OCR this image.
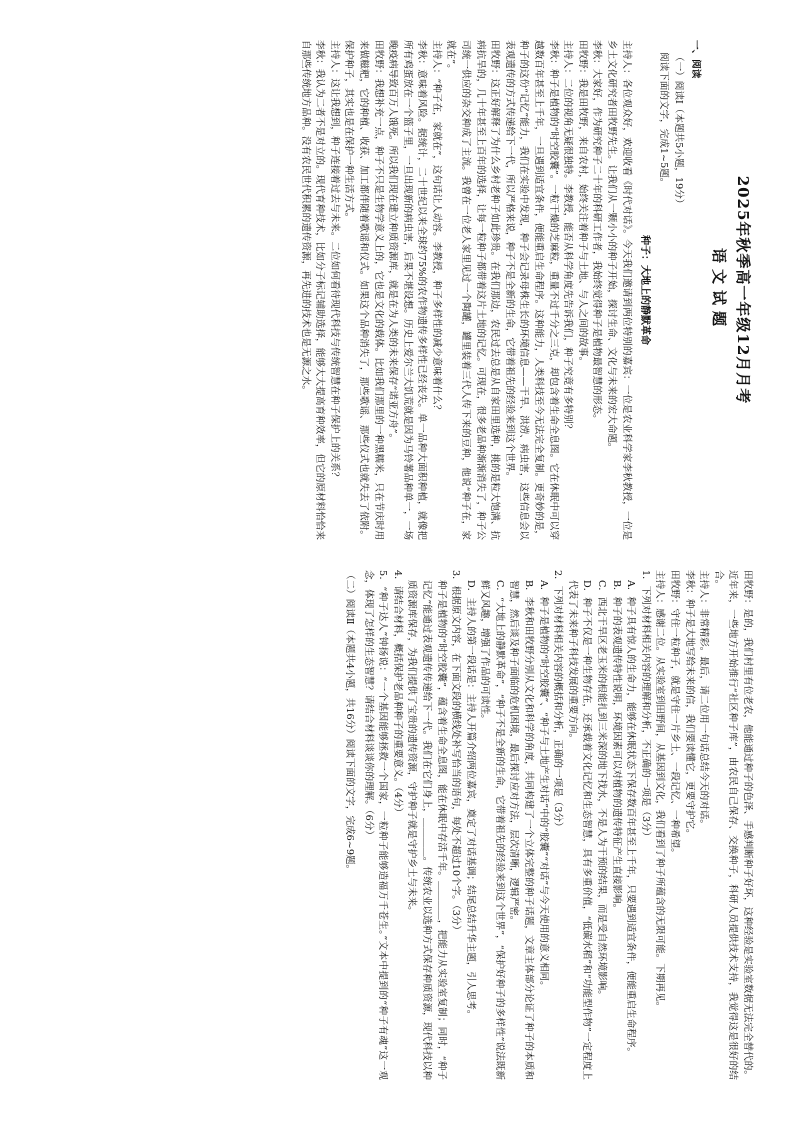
2025年秋季高一年级12月月考
语文试题
一、阅读
（一）阅读Ⅰ（本题共5小题，19分）
阅读下面的文字，完成1~5题。
种子：大地上的静默革命

主持人：各位观众好，欢迎收看《时代对话》。今天我们邀请到两位特别的嘉宾：一位是农业科学家李秋教授，一位是乡土文化研究者田牧野先生。让我们从一颗小小的种子开始，探讨生命、文化与未来的宏大命题。

李秋：大家好，作为研究种子二十年的科研工作者，我始终觉得种子是植物最智慧的形态。

田牧野：我是田牧野，来自农村，始终关注着种子与土地、与人之间的故事。

主持人：二位的视角无疑很独特。李教授，能否从科学角度先告诉我们，种子究竟有多特别？

李秋：种子是植物的“时空胶囊”。一粒干燥的芝麻粒，重量不过千分之三克，却包含着生命全息图。它在休眠中可以穿越数百年甚至上千年，一旦遇到适宜条件，便能重启生命程序。这种能力，人类科技至今无法完全复制。更奇妙的是，种子的这份“记忆”能力，我们在实验中发现，种子会记录母株生长的环境信息——干旱、洪涝、病虫害，这些信息会以表观遗传的方式传递给下一代，所以严格来说，种子不是全新的生命，它带着祖先的经验来到这个世界。

田牧野：这正好解释了为什么乡村老种子如此珍贵。在我们那边，农民过去总是从自家田里选种，挑的是粒大饱满、抗病抗旱的，几十年甚至上百年的选择，让每一粒种子都带着这片土地的记忆。可现在，很多老品种渐渐消失了，种子公司统一供应的杂交种成了主流。我曾在一位老人家里见过一个陶罐，罐里装着三代人传下来的豆种，他说“种子在，家就在”。

主持人：“种子在，家就在”，这句话让人动容。李教授，种子多样性的减少意味着什么？

李秋：意味着风险。据统计，二十世纪以来全球约75%的农作物遗传多样性已经丧失。单一品种大面积种植，就像把所有鸡蛋放在一个篮子里，一旦出现新的病虫害，后果不堪设想。历史上爱尔兰大饥荒就是因为马铃薯品种单一，一场晚疫病导致百万人饿死。所以我们现在建立种质资源库，就是在为人类的未来保存“诺亚方舟”。

田牧野：我想补充一点，种子不只是生物学意义上的，它也是文化的载体。比如我们那里的一种黑糯米，只在节庆时用来做糍粑，它的种植、收获、加工都伴随着歌谣和仪式。如果这个品种消失了，那些歌谣、那些仪式也就失去了依附。保护种子，其实也是在保护一种生活方式。

主持人：这让我想到，种子连接着过去与未来。二位如何看待现代科技与传统智慧在种子保护上的关系？

李秋：我认为二者不是对立的。现代育种技术，比如分子标记辅助选择，能够大大提高育种效率，但它的原材料恰恰来自那些传统地方品种。没有农民世代积累的遗传资源，再先进的技术也是无源之水。

田牧野：是的，我们村里有位老农，他能通过种子的色泽、手感判断种子好坏，这种经验是实验室数据无法完全替代的。近年来，一些地方开始推行“社区种子库”，由农民自己保存、交换种子，科研人员提供技术支持，我觉得这是很好的结合。

主持人：非常精彩。最后，请二位用一句话总结今天的对话。

李秋：种子是大地写给未来的信，我们要读懂它，更要守护它。

田牧野：守住一粒种子，就是守住一片乡土、一段记忆、一种希望。

主持人：感谢二位。从实验室到田野间，从基因到文化，我们看到了种子所蕴含的无限可能。下期再见。

1．下列对材料相关内容的理解和分析，不正确的一项是（3分）

A．种子具有惊人的生命力，能够在休眠状态下保存数百年甚至上千年，只要遇到适宜条件，便能重启生命程序。

B．种子的表观遗传特性说明，环境因素可以对植物的遗传特征产生直接影响。

C．西北干旱区老玉米的根能扎到三米深的地下找水，不是人为干预的结果，而是受自然环境影响。

D．种子不仅是一种生物存在，还承载着文化记忆和生态智慧，具有多重价值，“低碳水稻”和“功能型作物”一定程度上代表了未来种子科技发展的重要方向。

2．下列对材料相关内容的概括和分析，正确的一项是（3分）

A．种子是植物的“时空胶囊”、“种子与土地产生对话”中的“胶囊”“对话”与今天使用的意义相同。

B．李秋和田牧野分别从文化和科学的角度，共同构建了一个立体完整的种子话题，文章主体部分论证了种子的本质和智慧，然后谈及种子面临的危机困境，最后探讨应对方法，层次清晰，逻辑严密。

C．“大地上的静默革命”，“种子不是全新的生命，它带着祖先的经验来到这个世界”，“保护好种子的多样性”说法既新鲜又风趣，增强了作品的可读性。

D．主持人的第一段话是：主持人开篇介绍两位嘉宾，奠定了对话基调；结尾总结升华主题，引人思考。

3．根据原文内容，在下面文段的横线处补写恰当的语句，每处不超过10个字。（3分）

种子是植物的“时空胶囊”，蕴含着生命全息图，能在休眠中存活千年。＿＿＿＿，把能力从实验室复制；同时，“种子记忆”能通过表观遗传传递给下一代。我们在它们身上，＿＿＿＿。传统农业以选种方式保存种质资源，现代科技以种质资源库保存，为我们提供了宝贵的遗传资源，守护种子就是守护乡土与未来。

4．请结合材料，概括保护老品种种子的重要意义。（4分）

5．“种子达人”钟扬说：“一个基因能够拯救一个国家，一粒种子能够造福万千苍生。”文本中提到的“种子有魂”这一观念，体现了怎样的生态智慧？请结合材料谈谈你的理解。（6分）

（二）阅读Ⅱ（本题共4小题，共16分）阅读下面的文字，完成6~9题。
